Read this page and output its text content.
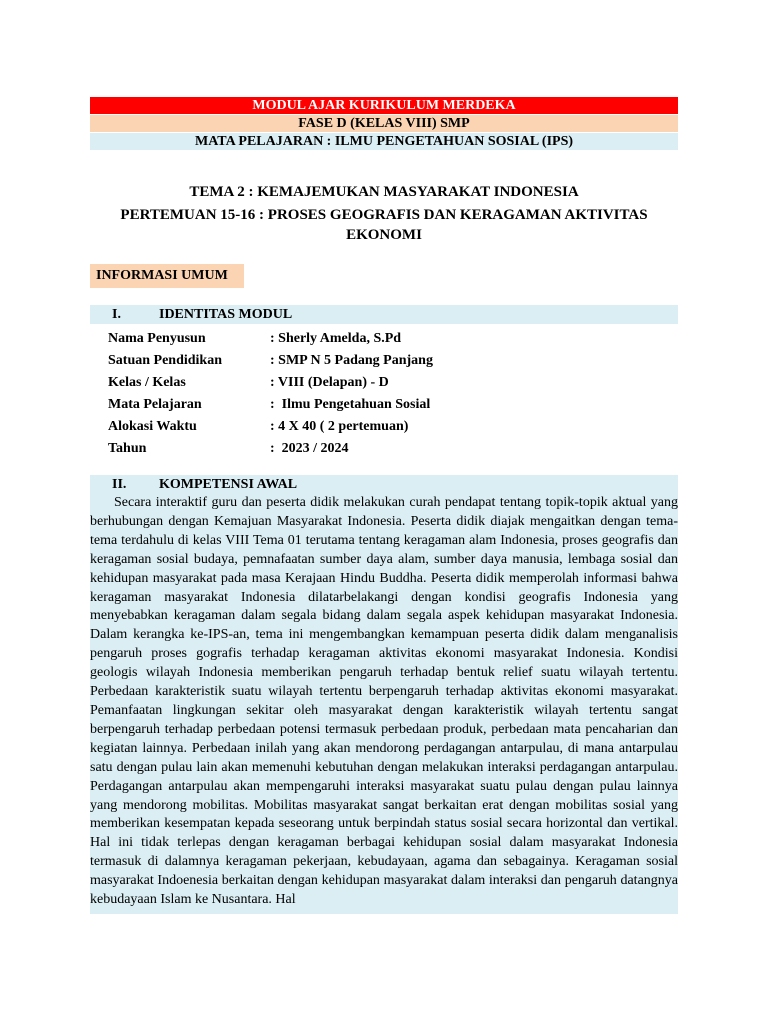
MODUL AJAR KURIKULUM MERDEKA
FASE D (KELAS VIII) SMP
MATA PELAJARAN : ILMU PENGETAHUAN SOSIAL (IPS)
TEMA 2 : KEMAJEMUKAN MASYARAKAT INDONESIA
PERTEMUAN 15-16 : PROSES GEOGRAFIS DAN KERAGAMAN AKTIVITAS EKONOMI
INFORMASI UMUM
I.	IDENTITAS MODUL
Nama Penyusun	: Sherly Amelda, S.Pd
Satuan Pendidikan	: SMP N 5 Padang Panjang
Kelas / Kelas	: VIII (Delapan) - D
Mata Pelajaran	:  Ilmu Pengetahuan Sosial
Alokasi Waktu	: 4 X 40 ( 2 pertemuan)
Tahun	:  2023 / 2024
II. KOMPETENSI AWAL

Secara interaktif guru dan peserta didik melakukan curah pendapat tentang topik-topik aktual yang berhubungan dengan Kemajuan Masyarakat Indonesia. Peserta didik diajak mengaitkan dengan tema-tema terdahulu di kelas VIII Tema 01 terutama tentang keragaman alam Indonesia, proses geografis dan keragaman sosial budaya, pemnafaatan sumber daya alam, sumber daya manusia, lembaga sosial dan kehidupan masyarakat pada masa Kerajaan Hindu Buddha. Peserta didik memperolah informasi bahwa keragaman masyarakat Indonesia dilatarbelakangi dengan kondisi geografis Indonesia yang menyebabkan keragaman dalam segala bidang dalam segala aspek kehidupan masyarakat Indonesia. Dalam kerangka ke-IPS-an, tema ini mengembangkan kemampuan peserta didik dalam menganalisis pengaruh proses gografis terhadap keragaman aktivitas ekonomi masyarakat Indonesia. Kondisi geologis wilayah Indonesia memberikan pengaruh terhadap bentuk relief suatu wilayah tertentu. Perbedaan karakteristik suatu wilayah tertentu berpengaruh terhadap aktivitas ekonomi masyarakat. Pemanfaatan lingkungan sekitar oleh masyarakat dengan karakteristik wilayah tertentu sangat berpengaruh terhadap perbedaan potensi termasuk perbedaan produk, perbedaan mata pencaharian dan kegiatan lainnya. Perbedaan inilah yang akan mendorong perdagangan antarpulau, di mana antarpulau satu dengan pulau lain akan memenuhi kebutuhan dengan melakukan interaksi perdagangan antarpulau. Perdagangan antarpulau akan mempengaruhi interaksi masyarakat suatu pulau dengan pulau lainnya yang mendorong mobilitas. Mobilitas masyarakat sangat berkaitan erat dengan mobilitas sosial yang memberikan kesempatan kepada seseorang untuk berpindah status sosial secara horizontal dan vertikal. Hal ini tidak terlepas dengan keragaman berbagai kehidupan sosial dalam masyarakat Indonesia termasuk di dalamnya keragaman pekerjaan, kebudayaan, agama dan sebagainya. Keragaman sosial masyarakat Indoenesia berkaitan dengan kehidupan masyarakat dalam interaksi dan pengaruh datangnya kebudayaan Islam ke Nusantara. Hal
